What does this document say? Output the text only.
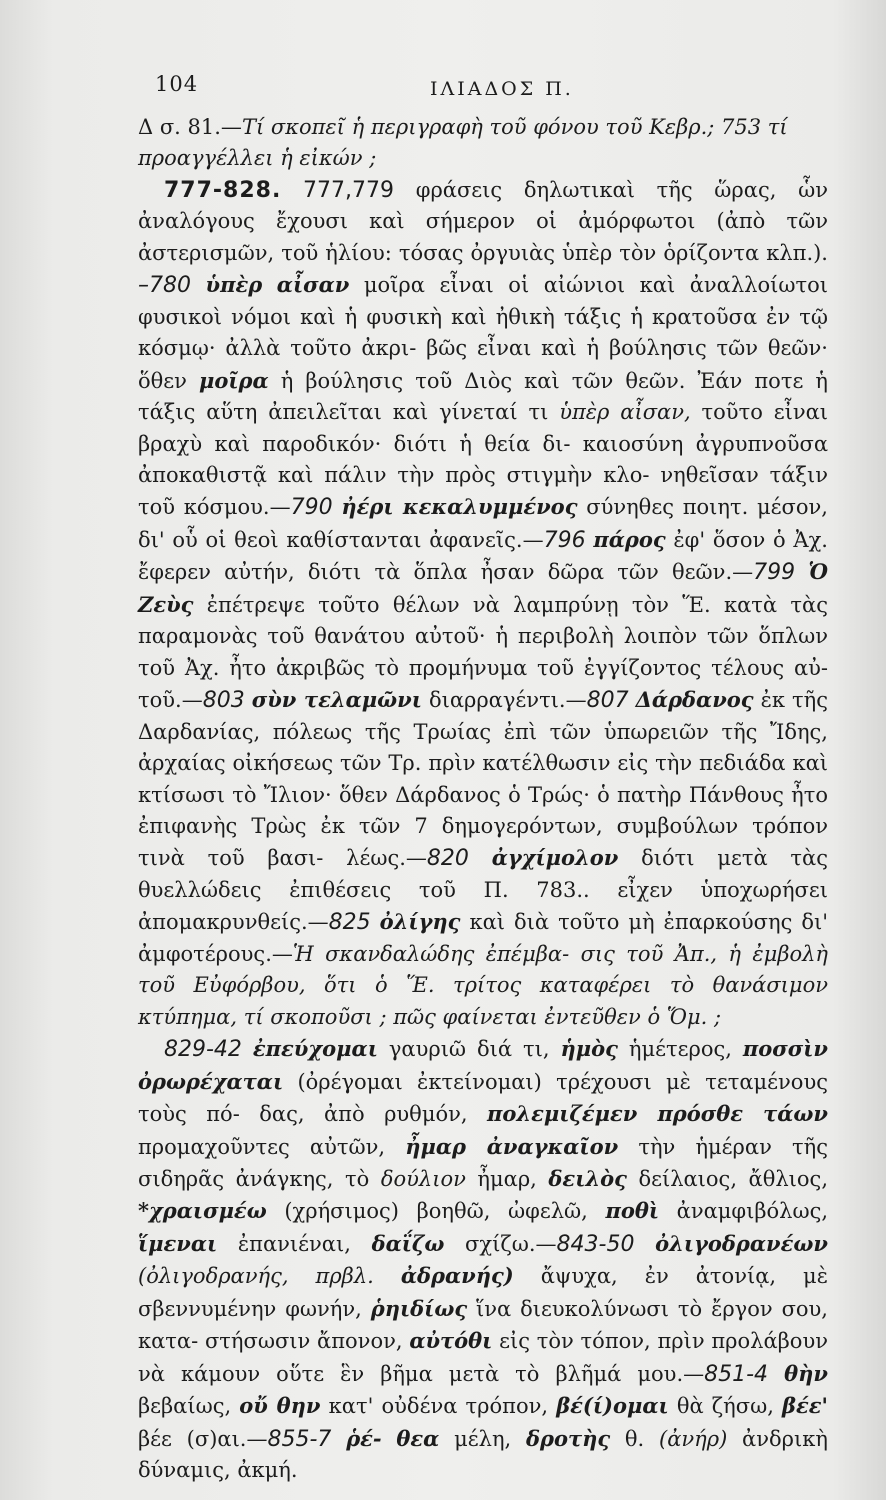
104	ΙΛΙΑΔΟΣ Π.

Δ σ. 81.—Τί σκοπεῖ ἡ περιγραφὴ τοῦ φόνου τοῦ Κεβρ.; 753 τί
προαγγέλλει ἡ εἰκών ;

777-828. 777,779 φράσεις δηλωτικαὶ τῆς ὥρας, ὧν ἀναλόγους ἔχουσι καὶ σήμερον οἱ ἀμόρφωτοι (ἀπὸ τῶν ἀστερισμῶν, τοῦ ἡλίου: τόσας ὀργυιὰς ὑπὲρ τὸν ὁρίζοντα κλπ.). –780 ὑπὲρ αἶσαν μοῖρα εἶναι οἱ αἰώνιοι καὶ ἀναλλοίωτοι φυσικοὶ νόμοι καὶ ἡ φυσικὴ καὶ ἠθικὴ τάξις ἡ κρατοῦσα ἐν τῷ κόσμῳ· ἀλλὰ τοῦτο ἀκρι- βῶς εἶναι καὶ ἡ βούλησις τῶν θεῶν· ὅθεν μοῖρα ἡ βούλησις τοῦ Διὸς καὶ τῶν θεῶν. Ἐάν ποτε ἡ τάξις αὕτη ἀπειλεῖται καὶ γίνεταί τι ὑπὲρ αἶσαν, τοῦτο εἶναι βραχὺ καὶ παροδικόν· διότι ἡ θεία δι- καιοσύνη ἀγρυπνοῦσα ἀποκαθιστᾷ καὶ πάλιν τὴν πρὸς στιγμὴν κλο- νηθεῖσαν τάξιν τοῦ κόσμου.—790 ἠέρι κεκαλυμμένος σύνηθες ποιητ. μέσον, δι' οὗ οἱ θεοὶ καθίστανται ἀφανεῖς.—796 πάρος ἐφ' ὅσον ὁ Ἀχ. ἔφερεν αὐτήν, διότι τὰ ὅπλα ἦσαν δῶρα τῶν θεῶν.—799 Ὁ Ζεὺς ἐπέτρεψε τοῦτο θέλων νὰ λαμπρύνῃ τὸν Ἕ. κατὰ τὰς παραμονὰς τοῦ θανάτου αὐτοῦ· ἡ περιβολὴ λοιπὸν τῶν ὅπλων τοῦ Ἀχ. ἦτο ἀκριβῶς τὸ προμήνυμα τοῦ ἐγγίζοντος τέλους αὐ- τοῦ.—803 σὺν τελαμῶνι διαρραγέντι.—807 Δάρδανος ἐκ τῆς Δαρδανίας, πόλεως τῆς Τρωίας ἐπὶ τῶν ὑπωρειῶν τῆς Ἴδης, ἀρχαίας οἰκήσεως τῶν Τρ. πρὶν κατέλθωσιν εἰς τὴν πεδιάδα καὶ κτίσωσι τὸ Ἴλιον· ὅθεν Δάρδανος ὁ Τρώς· ὁ πατὴρ Πάνθους ἦτο ἐπιφανὴς Τρὼς ἐκ τῶν 7 δημογερόντων, συμβούλων τρόπον τινὰ τοῦ βασι- λέως.—820 ἀγχίμολον διότι μετὰ τὰς θυελλώδεις ἐπιθέσεις τοῦ Π. 783.. εἶχεν ὑποχωρήσει ἀπομακρυνθείς.—825 ὀλίγης καὶ διὰ τοῦτο μὴ ἐπαρκούσης δι' ἀμφοτέρους.—Ἡ σκανδαλώδης ἐπέμβα- σις τοῦ Ἀπ., ἡ ἐμβολὴ τοῦ Εὐφόρβου, ὅτι ὁ Ἕ. τρίτος καταφέρει τὸ θανάσιμον κτύπημα, τί σκοποῦσι ; πῶς φαίνεται ἐντεῦθεν ὁ Ὅμ. ;

829-42 ἐπεύχομαι γαυριῶ διά τι, ἡμὸς ἡμέτερος, ποσσὶν ὀρωρέχαται (ὀρέγομαι ἐκτείνομαι) τρέχουσι μὲ τεταμένους τοὺς πό- δας, ἀπὸ ρυθμόν, πολεμιζέμεν πρόσθε τάων προμαχοῦντες αὐτῶν, ἦμαρ ἀναγκαῖον τὴν ἡμέραν τῆς σιδηρᾶς ἀνάγκης, τὸ δούλιον ἦμαρ, δειλὸς δείλαιος, ἄθλιος, *χραισμέω (χρήσιμος) βοηθῶ, ὠφελῶ, ποθὶ ἀναμφιβόλως, ἵμεναι ἐπανιέναι, δαΐζω σχίζω.—843-50 ὀλιγοδρανέων (ὀλιγοδρανής, πρβλ. ἀδρανής) ἄψυχα, ἐν ἀτονίᾳ, μὲ σβεννυμένην φωνήν, ῥηιδίως ἵνα διευκολύνωσι τὸ ἔργον σου, κατα- στήσωσιν ἄπονον, αὐτόθι εἰς τὸν τόπον, πρὶν προλάβουν νὰ κάμουν οὕτε ἓν βῆμα μετὰ τὸ βλῆμά μου.—851-4 θὴν βεβαίως, οὔ θην κατ' οὐδένα τρόπον, βέ(ί)ομαι θὰ ζήσω, βέε' βέε (σ)αι.—855-7 ῥέ- θεα μέλη, δροτὴς θ. (ἀνήρ) ἀνδρικὴ δύναμις, ἀκμή.
